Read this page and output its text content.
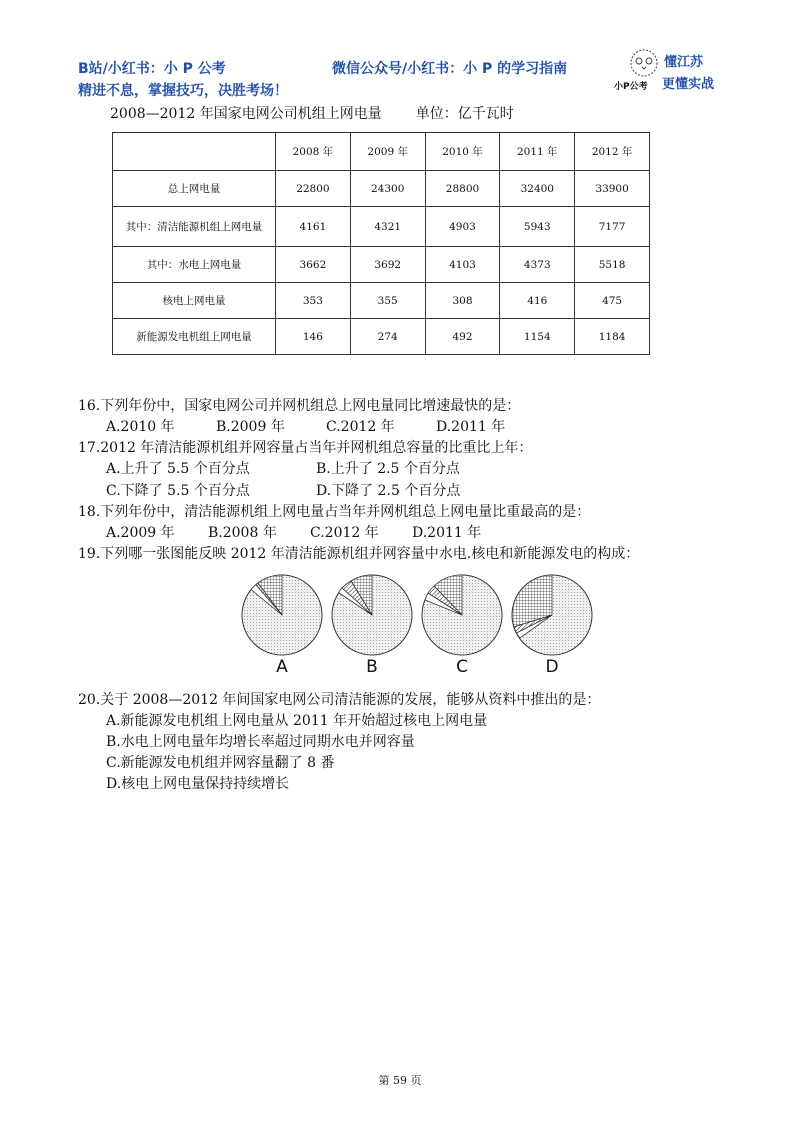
B站/小红书：小 P 公考	微信公众号/小红书：小 P 的学习指南
精进不息，掌握技巧，决胜考场！
懂江苏
更懂实战
小P公考
2008—2012 年国家电网公司机组上网电量 单位：亿千瓦时
	2008 年	2009 年	2010 年	2011 年	2012 年
总上网电量	22800	24300	28800	32400	33900
其中：清洁能源机组上网电量	4161	4321	4903	5943	7177
其中：水电上网电量	3662	3692	4103	4373	5518
核电上网电量	353	355	308	416	475
新能源发电机组上网电量	146	274	492	1154	1184
16.下列年份中，国家电网公司并网机组总上网电量同比增速最快的是：
A.2010 年	B.2009 年	C.2012 年	D.2011 年
17.2012 年清洁能源机组并网容量占当年并网机组总容量的比重比上年：
A.上升了 5.5 个百分点	B.上升了 2.5 个百分点
C.下降了 5.5 个百分点	D.下降了 2.5 个百分点
18.下列年份中，清洁能源机组上网电量占当年并网机组总上网电量比重最高的是：
A.2009 年 B.2008 年 C.2012 年 D.2011 年
19.下列哪一张图能反映 2012 年清洁能源机组并网容量中水电.核电和新能源发电的构成：
A	B	C	D
20.关于 2008—2012 年间国家电网公司清洁能源的发展，能够从资料中推出的是：
A.新能源发电机组上网电量从 2011 年开始超过核电上网电量
B.水电上网电量年均增长率超过同期水电并网容量
C.新能源发电机组并网容量翻了 8 番
D.核电上网电量保持持续增长
第 59 页
